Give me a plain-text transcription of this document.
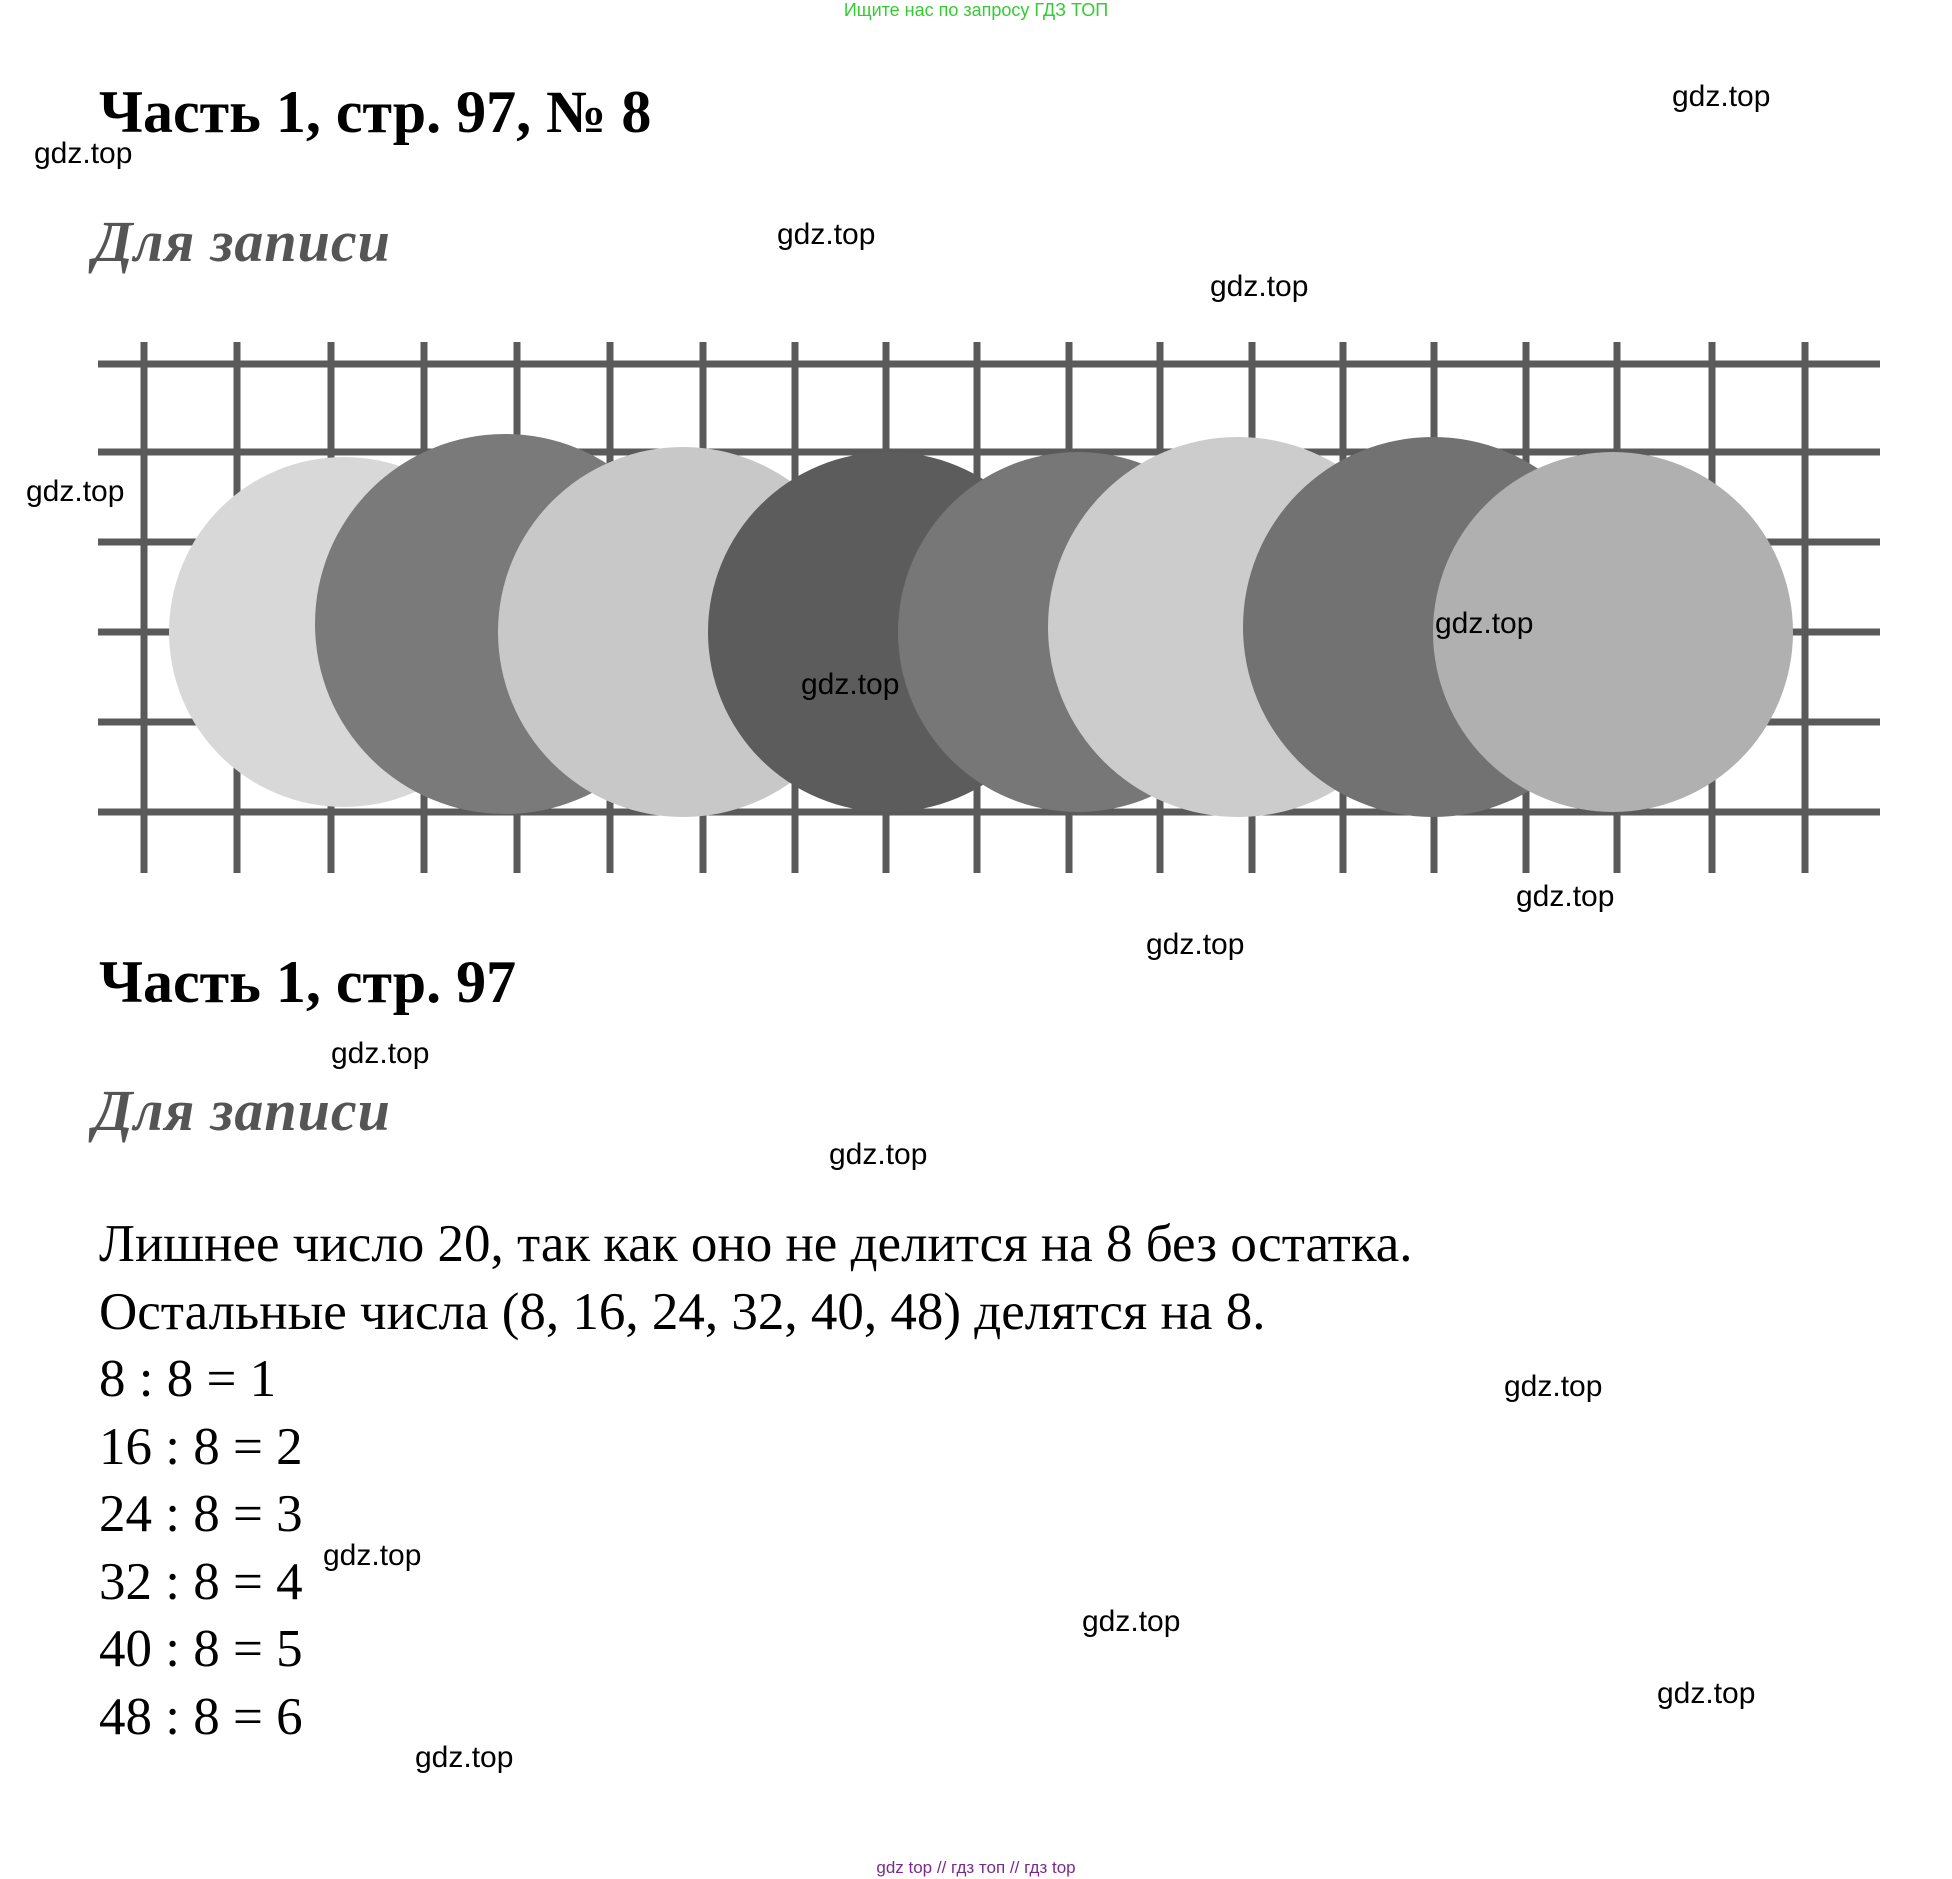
Ищите нас по запросу ГДЗ ТОП
Часть 1, стр. 97, № 8
Для записи
Часть 1, стр. 97
Для записи
Лишнее число 20, так как оно не делится на 8 без остатка.
Остальные числа (8, 16, 24, 32, 40, 48) делятся на 8.
8 : 8 = 1
16 : 8 = 2
24 : 8 = 3
32 : 8 = 4
40 : 8 = 5
48 : 8 = 6
gdz.top
gdz.top
gdz.top
gdz.top
gdz.top
gdz.top
gdz.top
gdz.top
gdz.top
gdz.top
gdz.top
gdz.top
gdz.top
gdz.top
gdz.top
gdz.top
gdz top // гдз топ // гдз top
